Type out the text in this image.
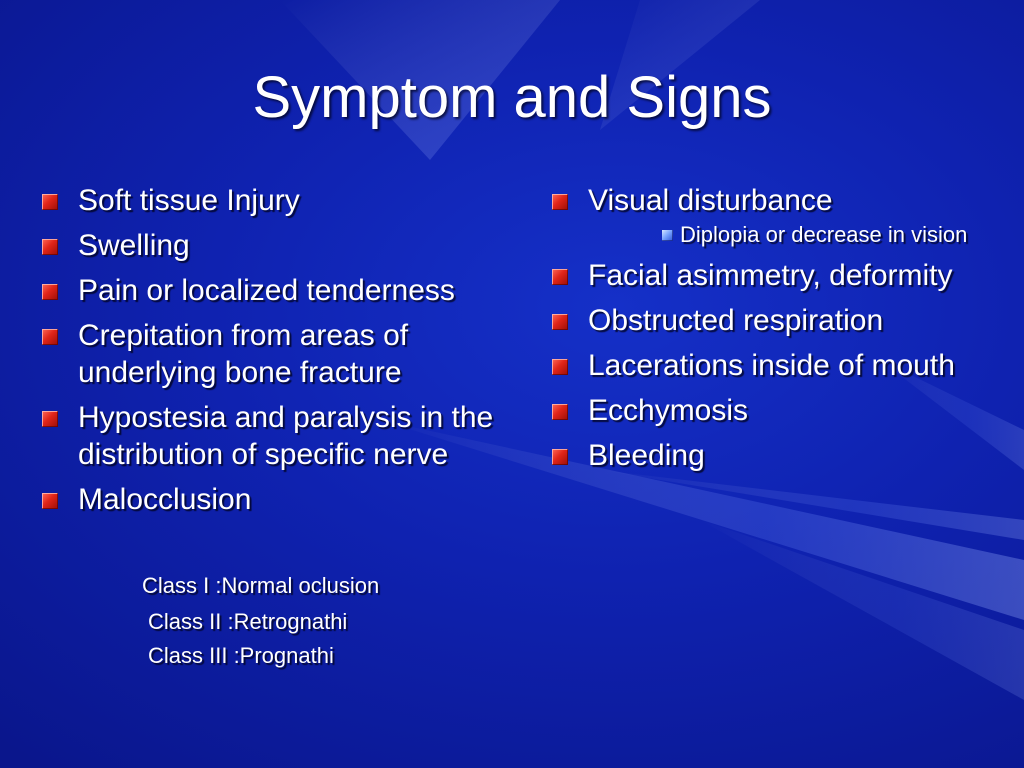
Symptom and Signs
Soft tissue Injury
Swelling
Pain or localized tenderness
Crepitation from areas of underlying bone fracture
Hypostesia and paralysis in the distribution of specific nerve
Malocclusion

Class I :Normal oclusion

Class II :Retrognathi

Class III :Prognathi

Visual disturbance
Diplopia or decrease in vision
Facial asimmetry, deformity
Obstructed respiration
Lacerations inside of mouth
Ecchymosis
Bleeding
